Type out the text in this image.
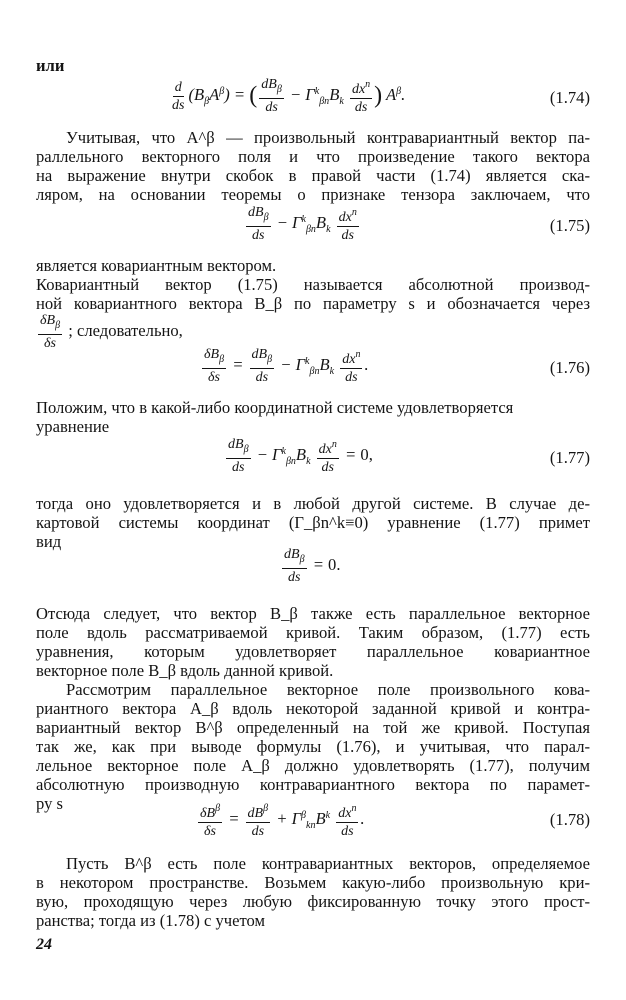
или
$\frac{d}{ds} (B_\beta A^\beta)$ = ( $\frac{dB_\beta}{ds} - \Gamma^k_{\beta n}B_k \frac{dx^n}{ds}$ ) $A^\beta$.	(1.74)
Учитывая, что A^β — произвольный контравариантный вектор па-
раллельного векторного поля и что произведение такого вектора
на выражение внутри скобок в правой части (1.74) является ска-
ляром, на основании теоремы о признаке тензора заключаем, что
$\frac{dB_\beta}{ds} - \Gamma^k_{\beta n}B_k \frac{dx^n}{ds}$	(1.75)
является ковариантным вектором.
Ковариантный вектор (1.75) называется абсолютной производ-
ной ковариантного вектора B_β по параметру s и обозначается через
$\frac{\delta B_\beta}{\delta s}$ ; следовательно,
$\frac{\delta B_\beta}{\delta s} = \frac{dB_\beta}{ds} - \Gamma^k_{\beta n}B_k \frac{dx^n}{ds}$ .	(1.76)
Положим, что в какой-либо координатной системе удовлетворяется
уравнение
$\frac{dB_\beta}{ds} - \Gamma^k_{\beta n}B_k \frac{dx^n}{ds} = 0$,	(1.77)
тогда оно удовлетворяется и в любой другой системе. В случае де-
картовой системы координат (Γ_βn^k≡0) уравнение (1.77) примет
вид
$\frac{dB_\beta}{ds} = 0$.
Отсюда следует, что вектор B_β также есть параллельное векторное
поле вдоль рассматриваемой кривой. Таким образом, (1.77) есть
уравнения, которым удовлетворяет параллельное ковариантное
векторное поле B_β вдоль данной кривой.
Рассмотрим параллельное векторное поле произвольного кова-
риантного вектора A_β вдоль некоторой заданной кривой и контра-
вариантный вектор B^β определенный на той же кривой. Поступая
так же, как при выводе формулы (1.76), и учитывая, что парал-
лельное векторное поле A_β должно удовлетворять (1.77), получим
абсолютную производную контравариантного вектора по парамет-
ру s	$\frac{\delta B^\beta}{\delta s} = \frac{dB^\beta}{ds} + \Gamma^\beta_{kn}B^k \frac{dx^n}{ds}$ .	(1.78)
Пусть B^β есть поле контравариантных векторов, определяемое
в некотором пространстве. Возьмем какую-либо произвольную кри-
вую, проходящую через любую фиксированную точку этого прост-
ранства; тогда из (1.78) с учетом
24
